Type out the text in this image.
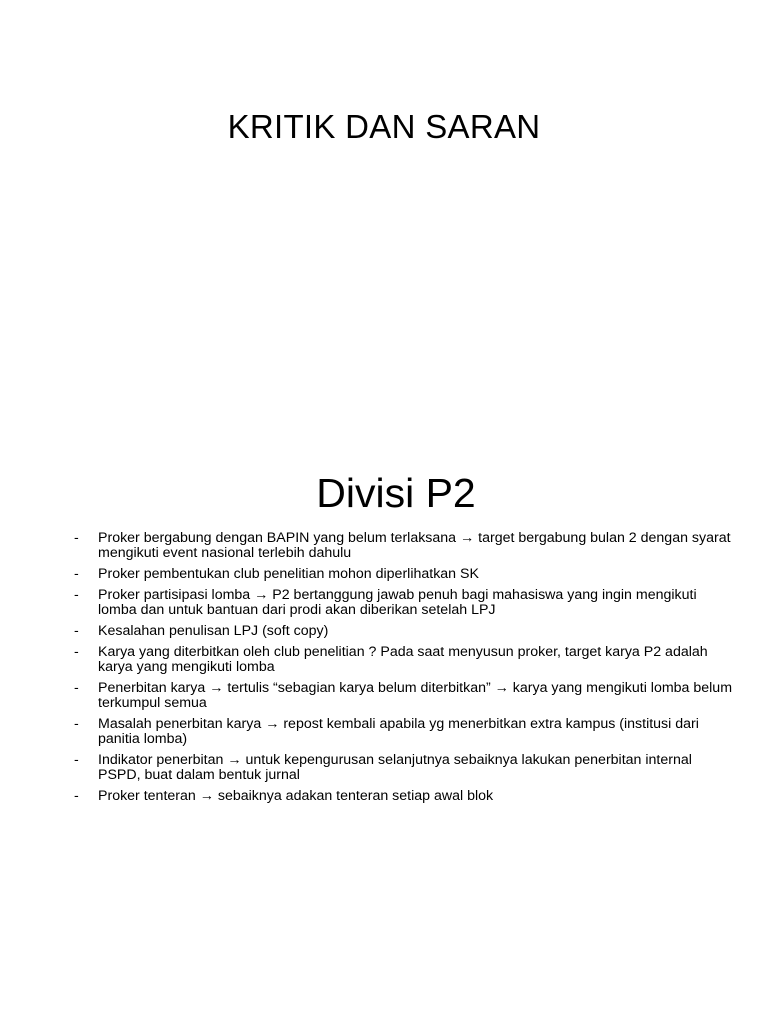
KRITIK DAN SARAN
Divisi P2
-	Proker bergabung dengan BAPIN yang belum terlaksana → target bergabung bulan 2 dengan syarat mengikuti event nasional terlebih dahulu
-	Proker pembentukan club penelitian mohon diperlihatkan SK
-	Proker partisipasi lomba → P2 bertanggung jawab penuh bagi mahasiswa yang ingin mengikuti lomba dan untuk bantuan dari prodi akan diberikan setelah LPJ
-	Kesalahan penulisan LPJ (soft copy)
-	Karya yang diterbitkan oleh club penelitian ? Pada saat menyusun proker, target karya P2 adalah karya yang mengikuti lomba
-	Penerbitan karya → tertulis “sebagian karya belum diterbitkan” → karya yang mengikuti lomba belum terkumpul semua
-	Masalah penerbitan karya → repost kembali apabila yg menerbitkan extra kampus (institusi dari panitia lomba)
-	Indikator penerbitan → untuk kepengurusan selanjutnya sebaiknya lakukan penerbitan internal PSPD, buat dalam bentuk jurnal
-	Proker tenteran → sebaiknya adakan tenteran setiap awal blok
